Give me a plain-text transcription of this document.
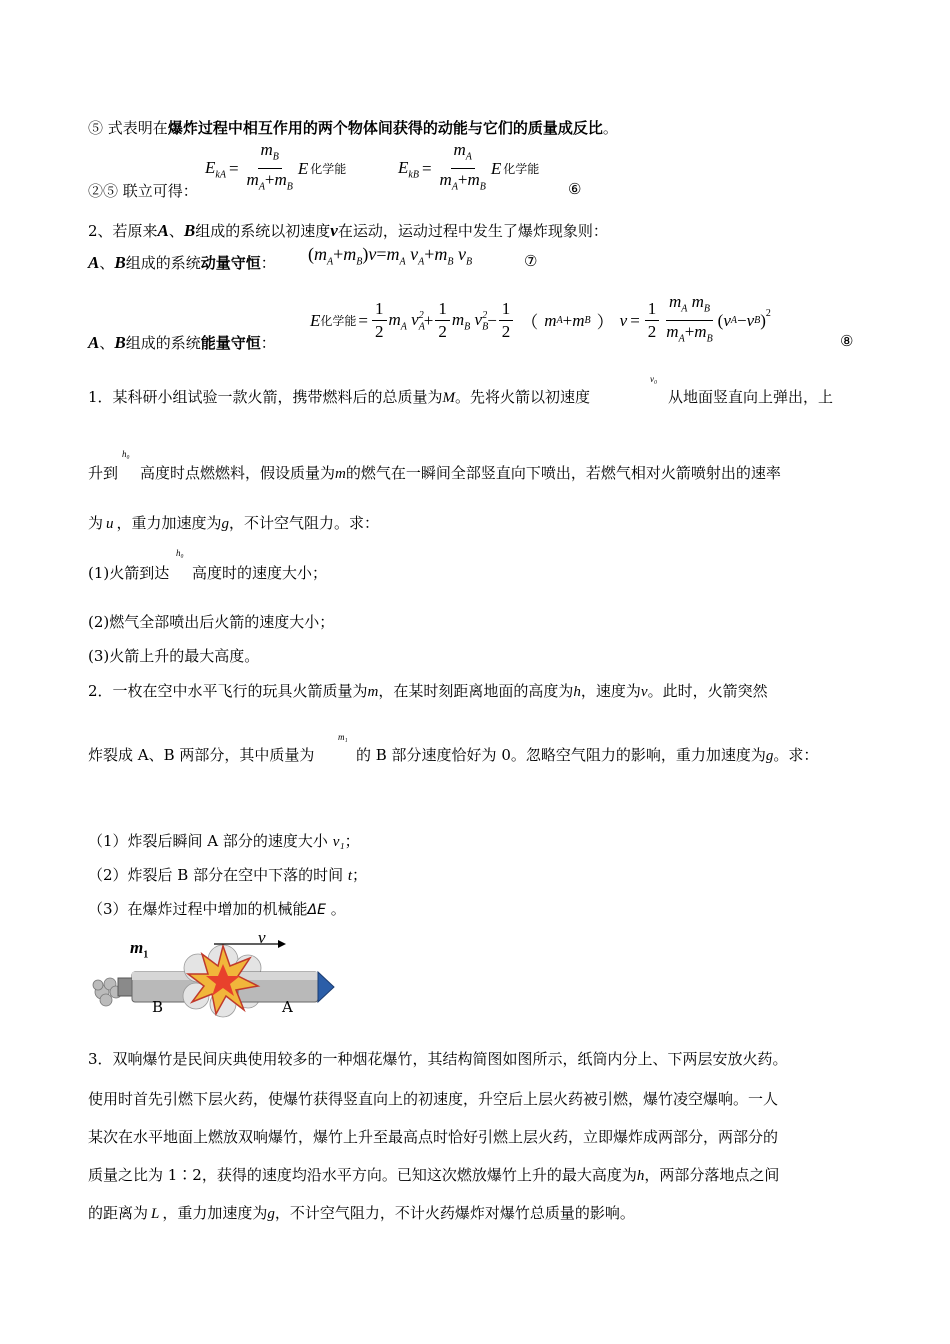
⑤ 式表明在爆炸过程中相互作用的两个物体间获得的动能与它们的质量成反比。
②⑤ 联立可得：
$E_{kA} = \frac{m_B}{m_A+m_B}$ E 化学能	$E_{kB} = \frac{m_A}{m_A+m_B}$ E 化学能
⑥
2、若原来A、B组成的系统以初速度v在运动，运动过程中发生了爆炸现象则：
A、B组成的系统动量守恒： $(m_A+m_B)v=m_A$ $v_A+m_B$ $v_B$	⑦
A、B组成的系统能量守恒：
E 化学能 = $\frac{1}{2} m_A$ $v_A^2 + \frac{1}{2} m_B$ $v_B^2 - \frac{1}{2}$ （ m A + m B ） $v = \frac{1}{2} \frac{m_A m_B}{m_A+m_B}$ ( v A − v B )$^2$
⑧
1．某科研小组试验一款火箭，携带燃料后的总质量为M。先将火箭以初速度
v₀
从地面竖直向上弹出，上
升到
h₀
高度时点燃燃料，假设质量为m的燃气在一瞬间全部竖直向下喷出，若燃气相对火箭喷射出的速率
为 u ，重力加速度为g，不计空气阻力。求：
(1)火箭到达
h₀
高度时的速度大小；
(2)燃气全部喷出后火箭的速度大小；
(3)火箭上升的最大高度。
2．一枚在空中水平飞行的玩具火箭质量为m，在某时刻距离地面的高度为h，速度为v。此时，火箭突然
炸裂成 A、B 两部分，其中质量为
m₁
的 B 部分速度恰好为 0。忽略空气阻力的影响，重力加速度为g。求：
（1）炸裂后瞬间 A 部分的速度大小 v₁；
（2）炸裂后 B 部分在空中下落的时间 t；
（3）在爆炸过程中增加的机械能ΔE 。
$m_1$
v
B	A
3．双响爆竹是民间庆典使用较多的一种烟花爆竹，其结构简图如图所示，纸筒内分上、下两层安放火药。
使用时首先引燃下层火药，使爆竹获得竖直向上的初速度，升空后上层火药被引燃，爆竹凌空爆响。一人
某次在水平地面上燃放双响爆竹，爆竹上升至最高点时恰好引燃上层火药，立即爆炸成两部分，两部分的
质量之比为 1∶2，获得的速度均沿水平方向。已知这次燃放爆竹上升的最大高度为h，两部分落地点之间
的距离为 L ，重力加速度为g，不计空气阻力，不计火药爆炸对爆竹总质量的影响。
